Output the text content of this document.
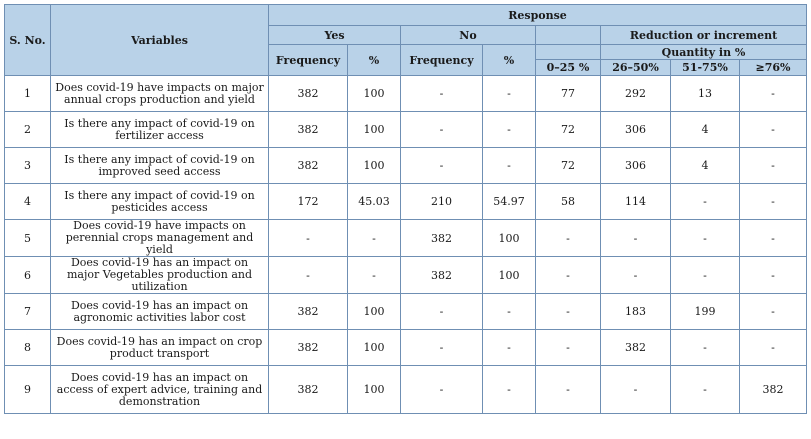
S. No.	Variables	Response							
		Yes		No			Reduction or increment		
		Frequency	%	Frequency	%		Quantity in %		
						0–25 %	26–50%	51-75%	≥76%
1	Does covid-19 have impacts on major annual crops production and yield	382	100	-	-	77	292	13	-
2	Is there any impact of covid-19 on fertilizer access	382	100	-	-	72	306	4	-
3	Is there any impact of covid-19 on improved seed access	382	100	-	-	72	306	4	-
4	Is there any impact of covid-19 on pesticides access	172	45.03	210	54.97	58	114	-	-
5	Does covid-19 have impacts on perennial crops management and yield	-	-	382	100	-	-	-	-
6	Does covid-19 has an impact on major Vegetables production and utilization	-	-	382	100	-	-	-	-
7	Does covid-19 has an impact on agronomic activities labor cost	382	100	-	-	-	183	199	-
8	Does covid-19 has an impact on crop product transport	382	100	-	-	-	382	-	-
9	Does covid-19 has an impact on access of expert advice, training and demonstration	382	100	-	-	-	-	-	382
